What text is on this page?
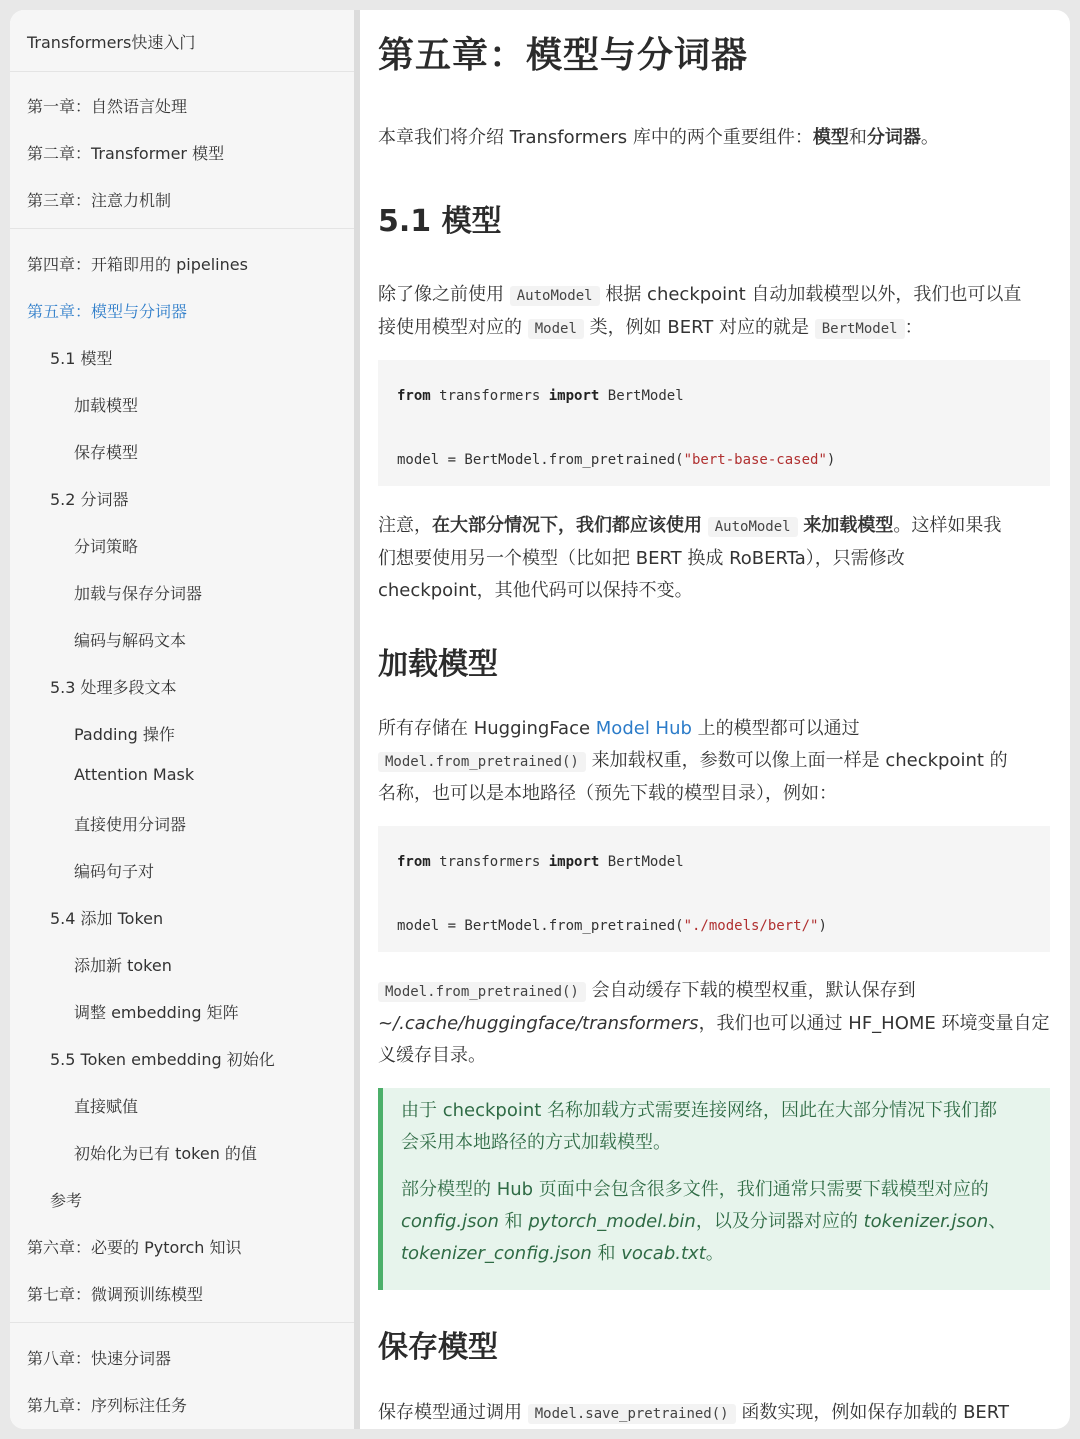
Transformers快速入门
第一章：自然语言处理
第二章：Transformer 模型
第三章：注意力机制
第四章：开箱即用的 pipelines
第五章：模型与分词器
5.1 模型
加载模型
保存模型
5.2 分词器
分词策略
加载与保存分词器
编码与解码文本
5.3 处理多段文本
Padding 操作
Attention Mask
直接使用分词器
编码句子对
5.4 添加 Token
添加新 token
调整 embedding 矩阵
5.5 Token embedding 初始化
直接赋值
初始化为已有 token 的值
参考
第六章：必要的 Pytorch 知识
第七章：微调预训练模型
第八章：快速分词器
第九章：序列标注任务
第五章：模型与分词器
本章我们将介绍 Transformers 库中的两个重要组件：模型和分词器。
5.1 模型
除了像之前使用 AutoModel 根据 checkpoint 自动加载模型以外，我们也可以直
接使用模型对应的 Model 类，例如 BERT 对应的就是 BertModel ：
from transformers import BertModel
model = BertModel.from_pretrained("bert-base-cased")
注意，在大部分情况下，我们都应该使用 AutoModel 来加载模型。这样如果我
们想要使用另一个模型（比如把 BERT 换成 RoBERTa），只需修改
checkpoint，其他代码可以保持不变。
加载模型
所有存储在 HuggingFace Model Hub 上的模型都可以通过
Model.from_pretrained() 来加载权重，参数可以像上面一样是 checkpoint 的
名称，也可以是本地路径（预先下载的模型目录），例如：
from transformers import BertModel
model = BertModel.from_pretrained("./models/bert/")
Model.from_pretrained() 会自动缓存下载的模型权重，默认保存到
~/.cache/huggingface/transformers，我们也可以通过 HF_HOME 环境变量自定
义缓存目录。
由于 checkpoint 名称加载方式需要连接网络，因此在大部分情况下我们都
会采用本地路径的方式加载模型。
部分模型的 Hub 页面中会包含很多文件，我们通常只需要下载模型对应的
config.json 和 pytorch_model.bin，以及分词器对应的 tokenizer.json、
tokenizer_config.json 和 vocab.txt。
保存模型
保存模型通过调用 Model.save_pretrained() 函数实现，例如保存加载的 BERT
